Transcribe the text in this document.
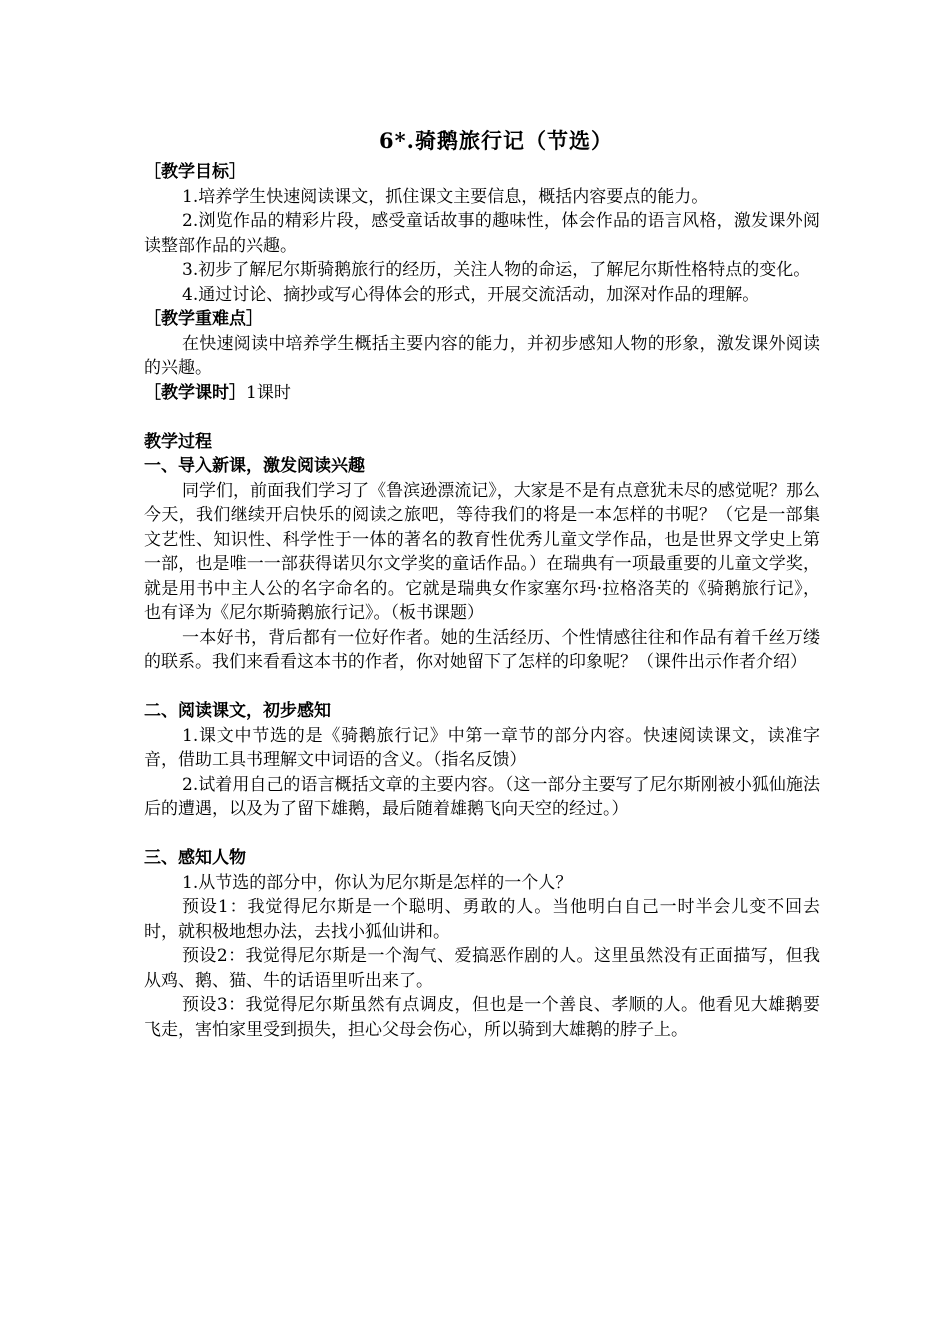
6*.骑鹅旅行记（节选）
［教学目标］

1.培养学生快速阅读课文，抓住课文主要信息，概括内容要点的能力。

2.浏览作品的精彩片段，感受童话故事的趣味性，体会作品的语言风格，激发课外阅读整部作品的兴趣。

3.初步了解尼尔斯骑鹅旅行的经历，关注人物的命运，了解尼尔斯性格特点的变化。

4.通过讨论、摘抄或写心得体会的形式，开展交流活动，加深对作品的理解。

［教学重难点］

在快速阅读中培养学生概括主要内容的能力，并初步感知人物的形象，激发课外阅读的兴趣。

［教学课时］1课时

教学过程
一、导入新课，激发阅读兴趣

同学们，前面我们学习了《鲁滨逊漂流记》，大家是不是有点意犹未尽的感觉呢？那么今天，我们继续开启快乐的阅读之旅吧，等待我们的将是一本怎样的书呢？（它是一部集文艺性、知识性、科学性于一体的著名的教育性优秀儿童文学作品，也是世界文学史上第一部，也是唯一一部获得诺贝尔文学奖的童话作品。）在瑞典有一项最重要的儿童文学奖，就是用书中主人公的名字命名的。它就是瑞典女作家塞尔玛·拉格洛芙的《骑鹅旅行记》，也有译为《尼尔斯骑鹅旅行记》。（板书课题）

一本好书，背后都有一位好作者。她的生活经历、个性情感往往和作品有着千丝万缕的联系。我们来看看这本书的作者，你对她留下了怎样的印象呢？（课件出示作者介绍）

二、阅读课文，初步感知

1.课文中节选的是《骑鹅旅行记》中第一章节的部分内容。快速阅读课文，读准字音，借助工具书理解文中词语的含义。（指名反馈）

2.试着用自己的语言概括文章的主要内容。（这一部分主要写了尼尔斯刚被小狐仙施法后的遭遇，以及为了留下雄鹅，最后随着雄鹅飞向天空的经过。）

三、感知人物

1.从节选的部分中，你认为尼尔斯是怎样的一个人？

预设1：我觉得尼尔斯是一个聪明、勇敢的人。当他明白自己一时半会儿变不回去时，就积极地想办法，去找小狐仙讲和。

预设2：我觉得尼尔斯是一个淘气、爱搞恶作剧的人。这里虽然没有正面描写，但我从鸡、鹅、猫、牛的话语里听出来了。

预设3：我觉得尼尔斯虽然有点调皮，但也是一个善良、孝顺的人。他看见大雄鹅要飞走，害怕家里受到损失，担心父母会伤心，所以骑到大雄鹅的脖子上。
